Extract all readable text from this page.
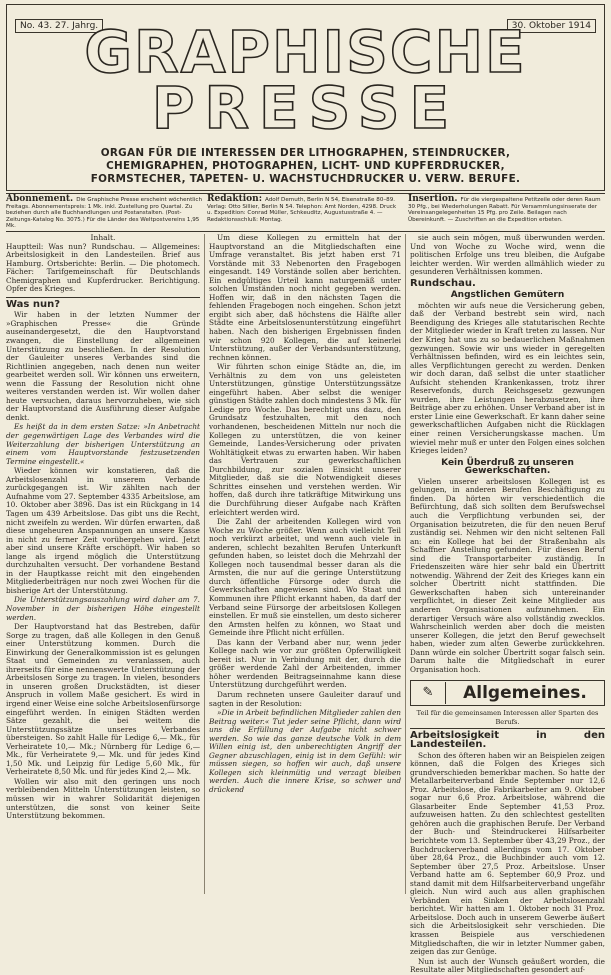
No. 43. 27. Jahrg.	30. Oktober 1914
GRAPHISCHE
PRESSE
ORGAN FÜR DIE INTERESSEN DER LITHOGRAPHEN, STEINDRUCKER,
CHEMIGRAPHEN, PHOTOGRAPHEN, LICHT- UND KUPFERDRUCKER,
FORMSTECHER, TAPETEN- U. WACHSTUCHDRUCKER U. VERW. BERUFE.
Abonnement. Die Graphische Presse erscheint wöchentlich Freitags. Abonnementspreis: 1 Mk. inkl. Zustellung pro Quartal. Zu beziehen durch alle Buchhandlungen und Postanstalten. (Post-Zeitungs-Katalog No. 3075.) Für die Länder des Weltpostvereins 1,95 Mk.
Redaktion: Adolf Demuth, Berlin N 54, Eisenstraße 80–89. Verlag: Otto Sillier, Berlin N 54. Telephon: Amt Norden, 4298. Druck u. Expedition: Conrad Müller, Schkeuditz, Augustusstraße 4. — Redaktionsschluß: Montag.
Insertion. Für die viergespaltene Petitzeile oder deren Raum 30 Pfg., bei Wiederholungen Rabatt. Für Versammlungsinserate der Vereinsangelegenheiten 15 Pfg. pro Zeile. Beilagen nach Übereinkunft. — Zuschriften an die Expedition erbeten.
Inhalt.
Hauptteil: Was nun? Rundschau. — Allgemeines: Arbeitslosigkeit in den Landesteilen. Brief aus Hamburg. Ortsberichte: Berlin. — Die photomech. Fächer: Tarifgemeinschaft für Deutschlands Chemigraphen und Kupferdrucker. Berichtigung. Opfer des Krieges.
Was nun?

Wir haben in der letzten Nummer der »Graphischen Presse« die Gründe auseinandergesetzt, die den Hauptvorstand zwangen, die Einstellung der allgemeinen Unterstützung zu beschließen. In der Resolution der Gauleiter unseres Verbandes sind die Richtlinien angegeben, nach denen nun weiter gearbeitet werden soll. Wir können uns erweitern, wenn die Fassung der Resolution nicht ohne weiteres verstanden werden ist. Wir wollen daher heute versuchen, daraus hervorzuheben, wie sich der Hauptvorstand die Ausführung dieser Aufgabe denkt.

Es heißt da in dem ersten Satze: »In Anbetracht der gegenwärtigen Lage des Verbandes wird die Weiterzahlung der bisherigen Unterstützung an einem vom Hauptvorstande festzusetzenden Termine eingestellt.«

Wieder können wir konstatieren, daß die Arbeitslosenzahl in unserem Verbande zurückgegangen ist. Wir zählten nach der Aufnahme vom 27. September 4335 Arbeitslose, am 10. Oktober aber 3896. Das ist ein Rückgang in 14 Tagen um 439 Arbeitslose. Das gibt uns die Recht, nicht zweifeln zu werden. Wir dürfen erwarten, daß diese ungeheuren Anspannungen an unsere Kasse in nicht zu ferner Zeit vorübergehen wird. Jetzt aber sind unsere Kräfte erschöpft. Wir haben so lange als irgend möglich die Unterstützung durchzuhalten versucht. Der vorhandene Bestand in der Hauptkasse reicht mit den eingehenden Mitgliederbeiträgen nur noch zwei Wochen für die bisherige Art der Unterstützung.

Die Unterstützungsauszahlung wird daher am 7. November in der bisherigen Höhe eingestellt werden.

Der Hauptvorstand hat das Bestreben, dafür Sorge zu tragen, daß alle Kollegen in den Genuß einer Unterstützung kommen. Durch die Einwirkung der Generalkommission ist es gelungen Staat und Gemeinden zu veranlassen, auch ihrerseits für eine nennenswerte Unterstützung der Arbeitslosen Sorge zu tragen. In vielen, besonders in unseren großen Druckstädten, ist dieser Anspruch in vollem Maße gesichert. Es wird in irgend einer Weise eine solche Arbeitslosenfürsorge eingeführt werden. In einigen Städten werden Sätze gezahlt, die bei weitem die Unterstützungssätze unseres Verbandes übersteigen. So zahlt Halle für Ledige 6,— Mk., für Verheiratete 10,— Mk.; Nürnberg für Ledige 6,— Mk., für Verheiratete 9,— Mk. und für jedes Kind 1,50 Mk. und Leipzig für Ledige 5,60 Mk., für Verheiratete 8,50 Mk. und für jedes Kind 2,— Mk.

Wollen wir also mit den geringen uns noch verbleibenden Mitteln Unterstützungen leisten, so müssen wir in wahrer Solidarität diejenigen unterstützen, die sonst von keiner Seite Unterstützung bekommen.

Um diese Kollegen zu ermitteln hat der Hauptvorstand an die Mitgliedschaften eine Umfrage veranstaltet. Bis jetzt haben erst 71 Vorstände mit 33 Nebenorten den Fragebogen eingesandt. 149 Vorstände sollen aber berichten. Ein endgültiges Urteil kann naturgemäß unter solchen Umständen noch nicht gegeben werden. Hoffen wir, daß in den nächsten Tagen die fehlenden Fragebogen noch eingehen. Schon jetzt ergibt sich aber, daß höchstens die Hälfte aller Städte eine Arbeitslosenunterstützung eingeführt haben. Nach den bisherigen Ergebnissen finden wir schon 920 Kollegen, die auf keinerlei Unterstützung, außer der Verbandsunterstützung, rechnen können.

Wir führten schon einige Städte an, die, im Verhältnis zu dem von uns geleisteten Unterstützungen, günstige Unterstützungssätze eingeführt haben. Aber selbst die weniger günstigen Städte zahlen doch mindestens 3 Mk. für Ledige pro Woche. Das berechtigt uns dazu, den Grundsatz festzuhalten, mit den noch vorhandenen, bescheidenen Mitteln nur noch die Kollegen zu unterstützen, die von keiner Gemeinde, Landes-Versicherung oder privaten Wohltätigkeit etwas zu erwarten haben. Wir haben das Vertrauen zur gewerkschaftlichen Durchbildung, zur sozialen Einsicht unserer Mitglieder, daß sie die Notwendigkeit dieses Schrittes einsehen und verstehen werden. Wir hoffen, daß durch ihre tatkräftige Mitwirkung uns die Durchführung dieser Aufgabe nach Kräften erleichtert werden wird.

Die Zahl der arbeitenden Kollegen wird von Woche zu Woche größer. Wenn auch vielleicht Teil noch verkürzt arbeitet, und wenn auch viele in anderen, schlecht bezahlten Berufen Unterkunft gefunden haben, so leistet doch die Mehrzahl der Kollegen noch tausendmal besser daran als die Armsten, die nur auf die geringe Unterstützung durch öffentliche Fürsorge oder durch die Gewerkschaften angewiesen sind. Wo Staat und Kommunen ihre Pflicht erkannt haben, da darf der Verband seine Fürsorge der arbeitslosen Kollegen einstellen. Er muß sie einstellen, um desto sicherer den Armsten helfen zu können, wo Staat und Gemeinde ihre Pflicht nicht erfüllen.

Das kann der Verband aber nur, wenn jeder Kollege nach wie vor zur größten Opferwilligkeit bereit ist. Nur in Verbindung mit der, durch die größer werdende Zahl der Arbeitenden, immer höher werdenden Beitragseinnahme kann diese Unterstützung durchgeführt werden.

Darum rechneten unsere Gauleiter darauf und sagten in der Resolution:

»Die in Arbeit befindlichen Mitglieder zahlen den Beitrag weiter.« Tut jeder seine Pflicht, dann wird uns die Erfüllung der Aufgabe nicht schwer werden. So wie das ganze deutsche Volk in dem Willen einig ist, den unberechtigten Angriff der Gegner abzuschlagen, einig ist in dem Gefühl: wir müssen siegen, so hoffen wir auch, daß unsere Kollegen sich kleinmütig und verzagt bleiben werden. Auch die innere Krise, so schwer und drückend

sie auch sein mögen, muß überwunden werden. Und von Woche zu Woche wird, wenn die politischen Erfolge uns treu bleiben, die Aufgabe leichter werden. Wir werden allmählich wieder zu gesunderen Verhältnissen kommen.

Rundschau.
Angstlichen Gemütern

möchten wir aufs neue die Versicherung geben, daß der Verband bestrebt sein wird, nach Beendigung des Krieges alle statutarischen Rechte der Mitglieder wieder in Kraft treten zu lassen. Nur der Krieg hat uns zu so bedauerlichen Maßnahmen gezwungen. Sowie wir uns wieder in geregelten Verhältnissen befinden, wird es ein leichtes sein, alles Verpflichtungen gerecht zu werden. Denken wir doch daran, daß selbst die unter staatlicher Aufsicht stehenden Krankenkassen, trotz ihrer Reservefonds, durch Reichsgesetz gezwungen wurden, ihre Leistungen herabzusetzen, ihre Beiträge aber zu erhöhen. Unser Verband aber ist in erster Linie eine Gewerkschaft. Er kann daher seine gewerkschaftlichen Aufgaben nicht die Rücklagen einer reinen Versicherungskasse machen. Um wieviel mehr muß er unter den Folgen eines solchen Krieges leiden?

Kein Überdruß zu unseren Gewerkschaften.

Vielen unserer arbeitslosen Kollegen ist es gelungen, in anderen Berufen Beschäftigung zu finden. Da hörten wir verschiedentlich die Befürchtung, daß sich sollten dem Berufswechsel auch die Verpflichtung verbunden sei, der Organisation beizutreten, die für den neuen Beruf zuständig sei. Nehmen wir den nicht seltenen Fall an: ein Kollege hat bei der Straßenbahn als Schaffner Anstellung gefunden. Für diesen Beruf sind die Transportarbeiter zuständig. In Friedenszeiten wäre hier sehr bald ein Übertritt notwendig. Während der Zeit des Krieges kann ein solcher Übertritt nicht stattfinden. Die Gewerkschaften haben sich untereinander verpflichtet, in dieser Zeit keine Mitglieder aus anderen Organisationen aufzunehmen. Ein derartiger Versuch wäre also vollständig zwecklos. Wahrscheinlich werden aber doch die meisten unserer Kollegen, die jetzt den Beruf gewechselt haben, wieder zum alten Gewerbe zurückkehren. Dann würde ein solcher Übertritt sogar falsch sein. Darum halte die Mitgliedschaft in eurer Organisation hoch.

✎	Allgemeines.
Teil für die gemeinsamen Interessen aller Sparten des Berufs.
Arbeitslosigkeit in den Landesteilen.

Schon des öfteren haben wir an Beispielen zeigen können, daß die Folgen des Krieges sich grundverschieden bemerkbar machen. So hatte der Metallarbeiterverband Ende September nur 12,6 Proz. Arbeitslose, die Fabrikarbeiter am 9. Oktober sogar nur 6,6 Proz. Arbeitslose, während die Glasarbeiter Ende September 41,53 Proz. aufzuweisen hatten. Zu den schlechtest gestellten gehören auch die graphischen Berufe. Der Verband der Buch- und Steindruckerei Hilfsarbeiter berichtete vom 13. September über 43,29 Proz., der Buchdruckerverband allerdings vom 17. Oktober über 28,64 Proz., die Buchbinder auch vom 12. September über 27,5 Proz. Arbeitslose. Unser Verband hatte am 6. September 60,9 Proz. und stand damit mit dem Hilfsarbeiterverband ungefähr gleich. Nun wird auch aus allen graphischen Verbänden ein Sinken der Arbeitslosenzahl berichtet. Wir hatten am 1. Oktober noch 31 Proz. Arbeitslose. Doch auch in unserem Gewerbe äußert sich die Arbeitslosigkeit sehr verschieden. Die krassen Beispiele aus verschiedenen Mitgliedschaften, die wir in letzter Nummer gaben, zeigen das zur Genüge.

Nun ist auch der Wunsch geäußert worden, die Resultate aller Mitgliedschaften gesondert auf-
